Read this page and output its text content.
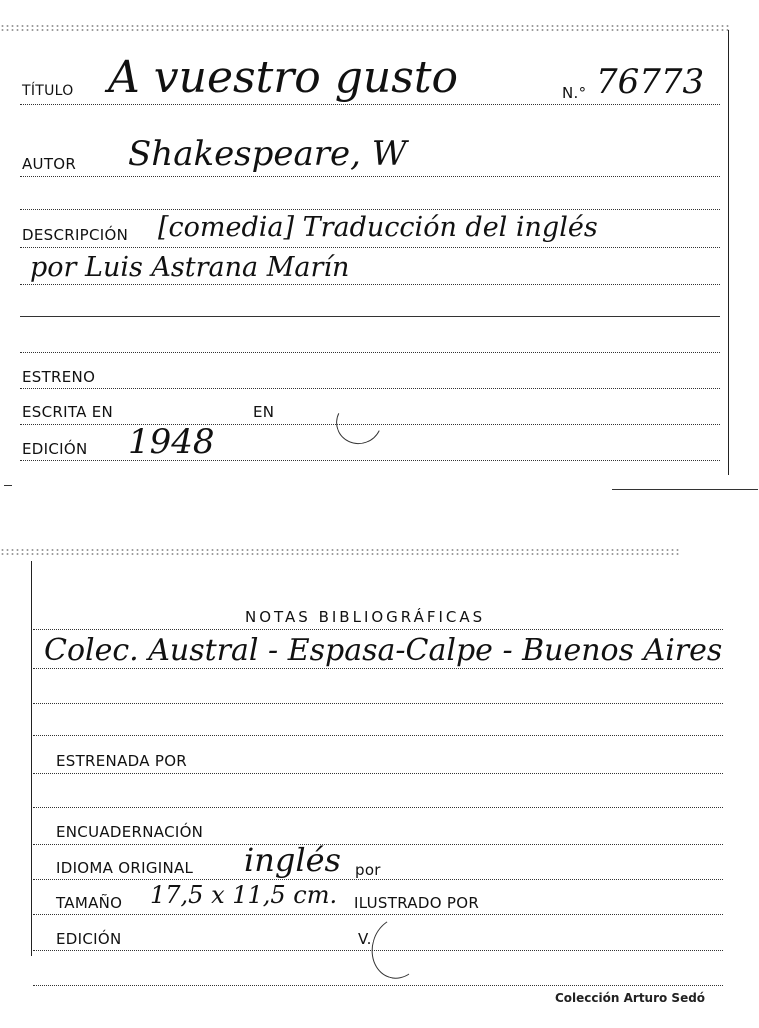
TÍTULO A vuestro gusto	N.° 76773
AUTOR Shakespeare, W
DESCRIPCIÓN [comedia] Traducción del inglés
por Luis Astrana Marín
ESTRENO
ESCRITA EN	EN
EDICIÓN 1948
NOTAS BIBLIOGRÁFICAS
Colec. Austral - Espasa-Calpe - Buenos Aires
ESTRENADA POR
ENCUADERNACIÓN
IDIOMA ORIGINAL inglés por
TAMAÑO 17,5 x 11,5 cm. ILUSTRADO POR
EDICIÓN	V.
Colección Arturo Sedó
